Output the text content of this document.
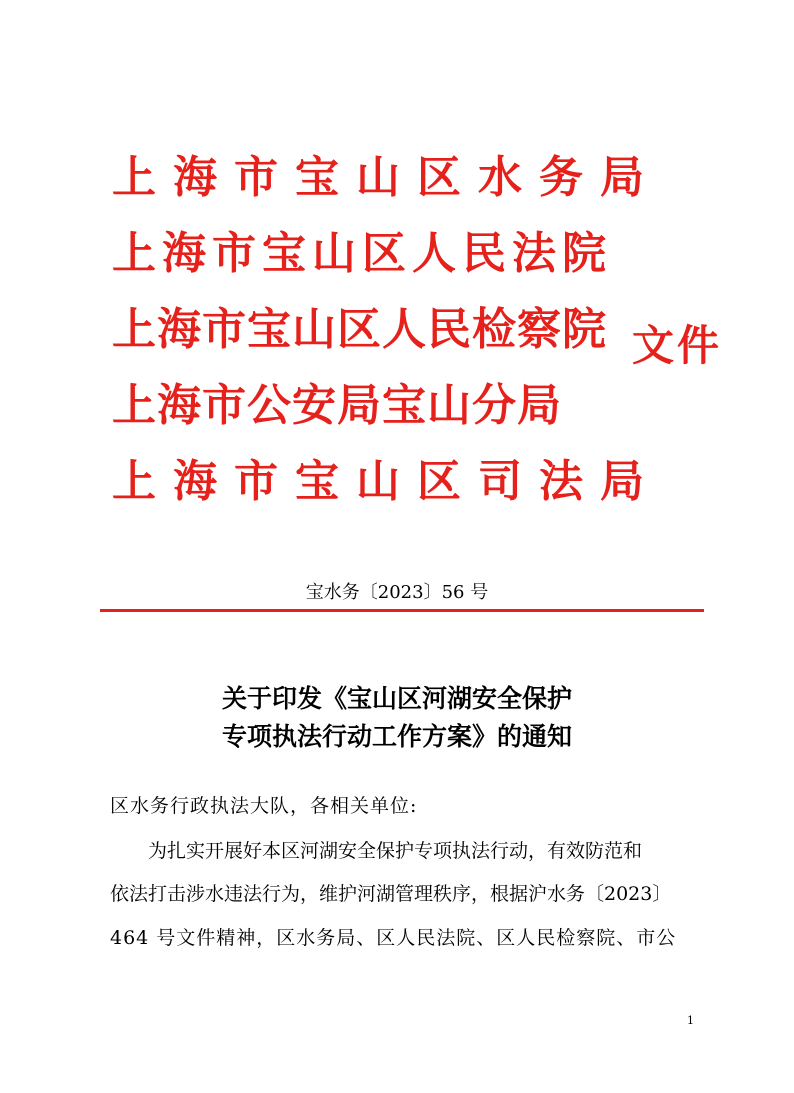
上海市宝山区水务局
上海市宝山区人民法院
上海市宝山区人民检察院
上海市公安局宝山分局
上海市宝山区司法局
文件
宝水务〔2023〕56 号
关于印发《宝山区河湖安全保护
专项执法行动工作方案》的通知
区水务行政执法大队，各相关单位:
为扎实开展好本区河湖安全保护专项执法行动，有效防范和
依法打击涉水违法行为，维护河湖管理秩序，根据沪水务〔2023〕
464 号文件精神，区水务局、区人民法院、区人民检察院、市公
1
